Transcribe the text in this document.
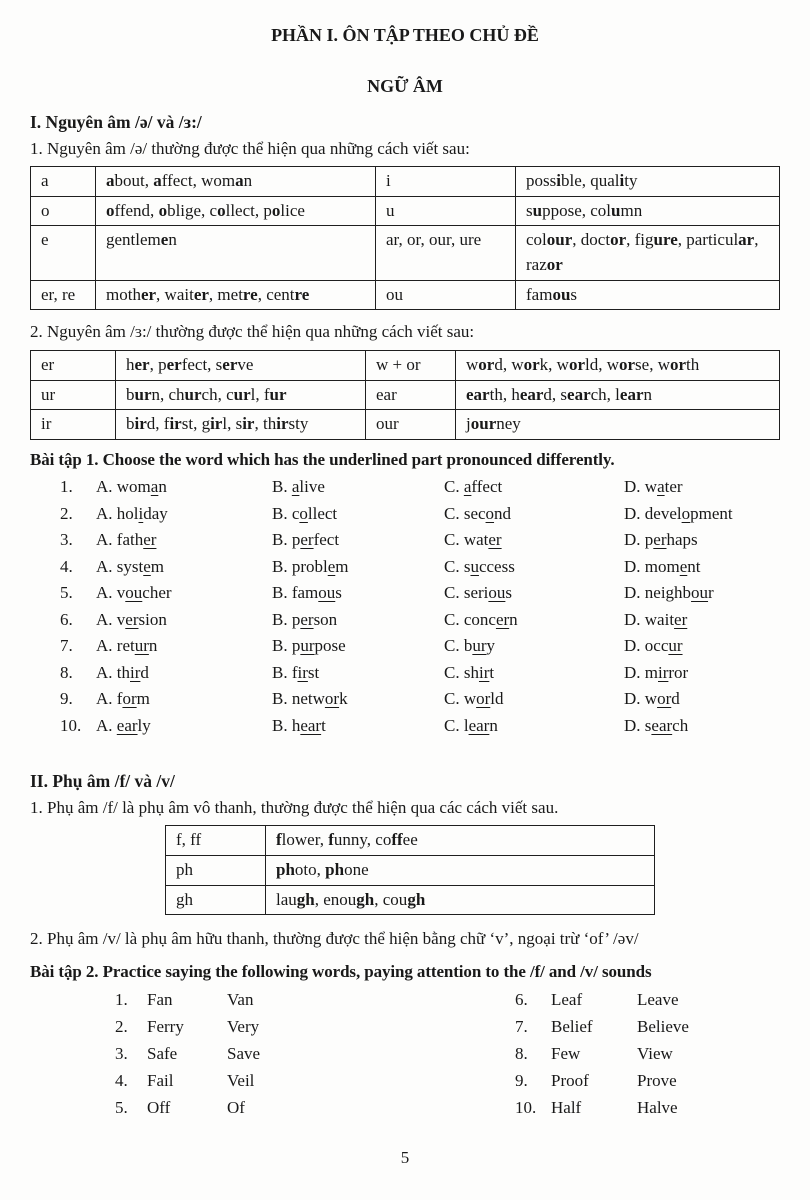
PHẦN I. ÔN TẬP THEO CHỦ ĐỀ
NGỮ ÂM
I. Nguyên âm /ə/ và /ɜ:/

1. Nguyên âm /ə/ thường được thể hiện qua những cách viết sau:

a	about, affect, woman	i	possible, quality
o	offend, oblige, collect, police	u	suppose, column
e	gentlemen	ar, or, our, ure	colour, doctor, figure, particular, razor
er, re	mother, waiter, metre, centre	ou	famous

2. Nguyên âm /ɜ:/ thường được thể hiện qua những cách viết sau:

er	her, perfect, serve	w + or	word, work, world, worse, worth
ur	burn, church, curl, fur	ear	earth, heard, search, learn
ir	bird, first, girl, sir, thirsty	our	journey
Bài tập 1. Choose the word which has the underlined part pronounced differently.
1.	A. woman	B. alive	C. affect	D. water
2.	A. holiday	B. collect	C. second	D. development
3.	A. father	B. perfect	C. water	D. perhaps
4.	A. system	B. problem	C. success	D. moment
5.	A. voucher	B. famous	C. serious	D. neighbour
6.	A. version	B. person	C. concern	D. waiter
7.	A. return	B. purpose	C. bury	D. occur
8.	A. third	B. first	C. shirt	D. mirror
9.	A. form	B. network	C. world	D. word
10. A. early	B. heart	C. learn	D. search
II. Phụ âm /f/ và /v/

1. Phụ âm /f/ là phụ âm vô thanh, thường được thể hiện qua các cách viết sau.

f, ff	flower, funny, coffee
ph	photo, phone
gh	laugh, enough, cough

2. Phụ âm /v/ là phụ âm hữu thanh, thường được thể hiện bằng chữ ‘v’, ngoại trừ ‘of’ /əv/

Bài tập 2. Practice saying the following words, paying attention to the /f/ and /v/ sounds
1.	Fan	Van
2.	Ferry	Very
3.	Safe	Save
4.	Fail	Veil
5.	Off	Of
6.	Leaf	Leave
7.	Belief	Believe
8.	Few	View
9.	Proof	Prove
10. Half	Halve
5
